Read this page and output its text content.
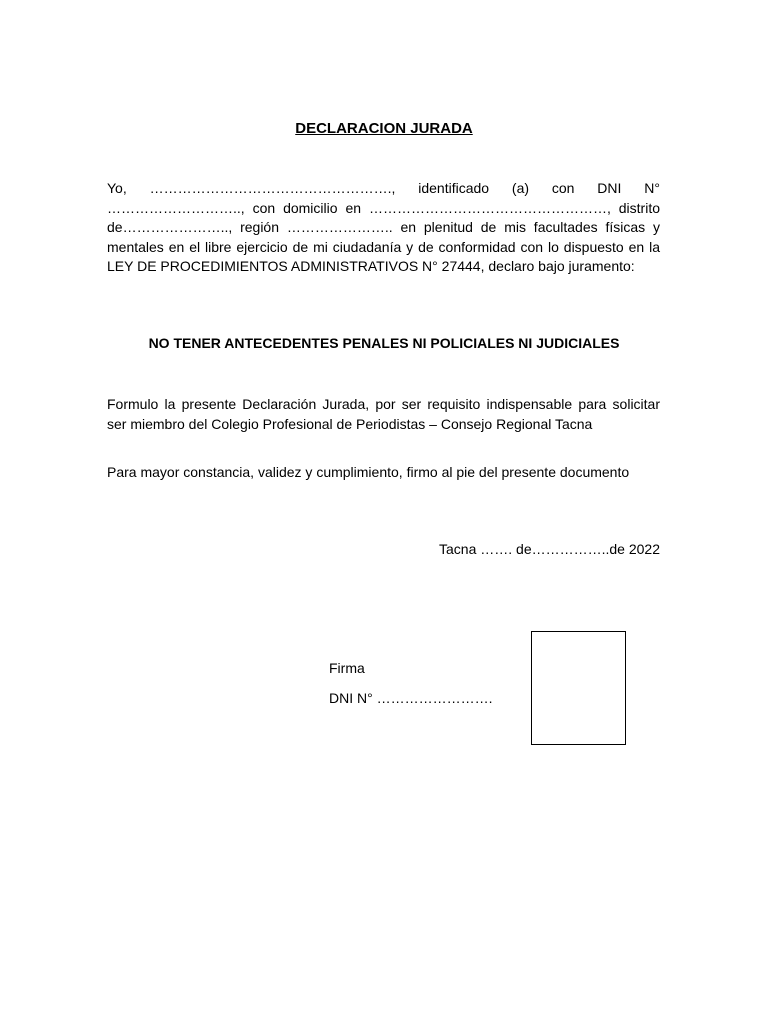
DECLARACION JURADA
Yo, ……………………………………………., identificado (a) con DNI N° ……………………….., con domicilio en ……………………………………………, distrito de………………….., región ………………….. en plenitud de mis facultades físicas y mentales en el libre ejercicio de mi ciudadanía y de conformidad con lo dispuesto en la LEY DE PROCEDIMIENTOS ADMINISTRATIVOS N° 27444, declaro bajo juramento:
NO TENER ANTECEDENTES PENALES NI POLICIALES NI JUDICIALES
Formulo la presente Declaración Jurada, por ser requisito indispensable para solicitar ser miembro del Colegio Profesional de Periodistas – Consejo Regional Tacna
Para mayor constancia, validez y cumplimiento, firmo al pie del presente documento
Tacna ……. de……………..de 2022
Firma
DNI N° …………………….
